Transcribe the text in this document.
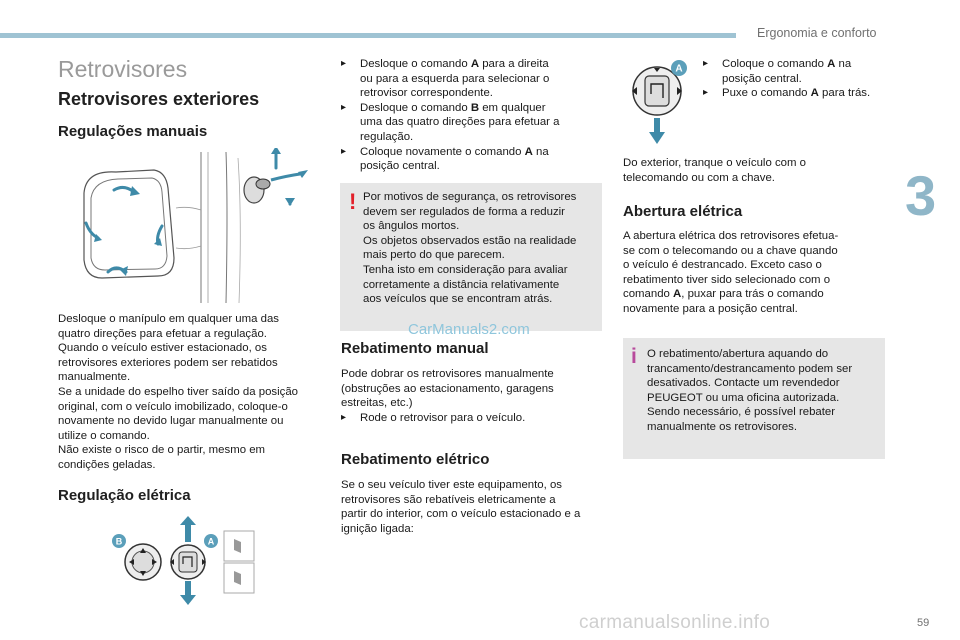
Ergonomia e conforto
3
59
Retrovisores
Retrovisores exteriores
Regulações manuais
Desloque o manípulo em qualquer uma das
quatro direções para efetuar a regulação.
Quando o veículo estiver estacionado, os
retrovisores exteriores podem ser rebatidos
manualmente.
Se a unidade do espelho tiver saído da posição
original, com o veículo imobilizado, coloque-o
novamente no devido lugar manualmente ou
utilize o comando.
Não existe o risco de o partir, mesmo em
condições geladas.
Regulação elétrica
B	A
▸ Desloque o comando A para a direita
ou para a esquerda para selecionar o
retrovisor correspondente.
▸ Desloque o comando B em qualquer
uma das quatro direções para efetuar a
regulação.
▸ Coloque novamente o comando A na
posição central.
! Por motivos de segurança, os retrovisores
devem ser regulados de forma a reduzir
os ângulos mortos.
Os objetos observados estão na realidade
mais perto do que parecem.
Tenha isto em consideração para avaliar
corretamente a distância relativamente
aos veículos que se encontram atrás.
CarManuals2.com
Rebatimento manual
Pode dobrar os retrovisores manualmente
(obstruções ao estacionamento, garagens
estreitas, etc.)
▸ Rode o retrovisor para o veículo.
Rebatimento elétrico
Se o seu veículo tiver este equipamento, os
retrovisores são rebatíveis eletricamente a
partir do interior, com o veículo estacionado e a
ignição ligada:
A ▸ Coloque o comando A na
posição central.
▸ Puxe o comando A para trás.
Do exterior, tranque o veículo com o
telecomando ou com a chave.
Abertura elétrica
A abertura elétrica dos retrovisores efetua-
se com o telecomando ou a chave quando
o veículo é destrancado. Exceto caso o
rebatimento tiver sido selecionado com o
comando A, puxar para trás o comando
novamente para a posição central.
i O rebatimento/abertura aquando do
trancamento/destrancamento podem ser
desativados. Contacte um revendedor
PEUGEOT ou uma oficina autorizada.
Sendo necessário, é possível rebater
manualmente os retrovisores.
carmanualsonline.info
